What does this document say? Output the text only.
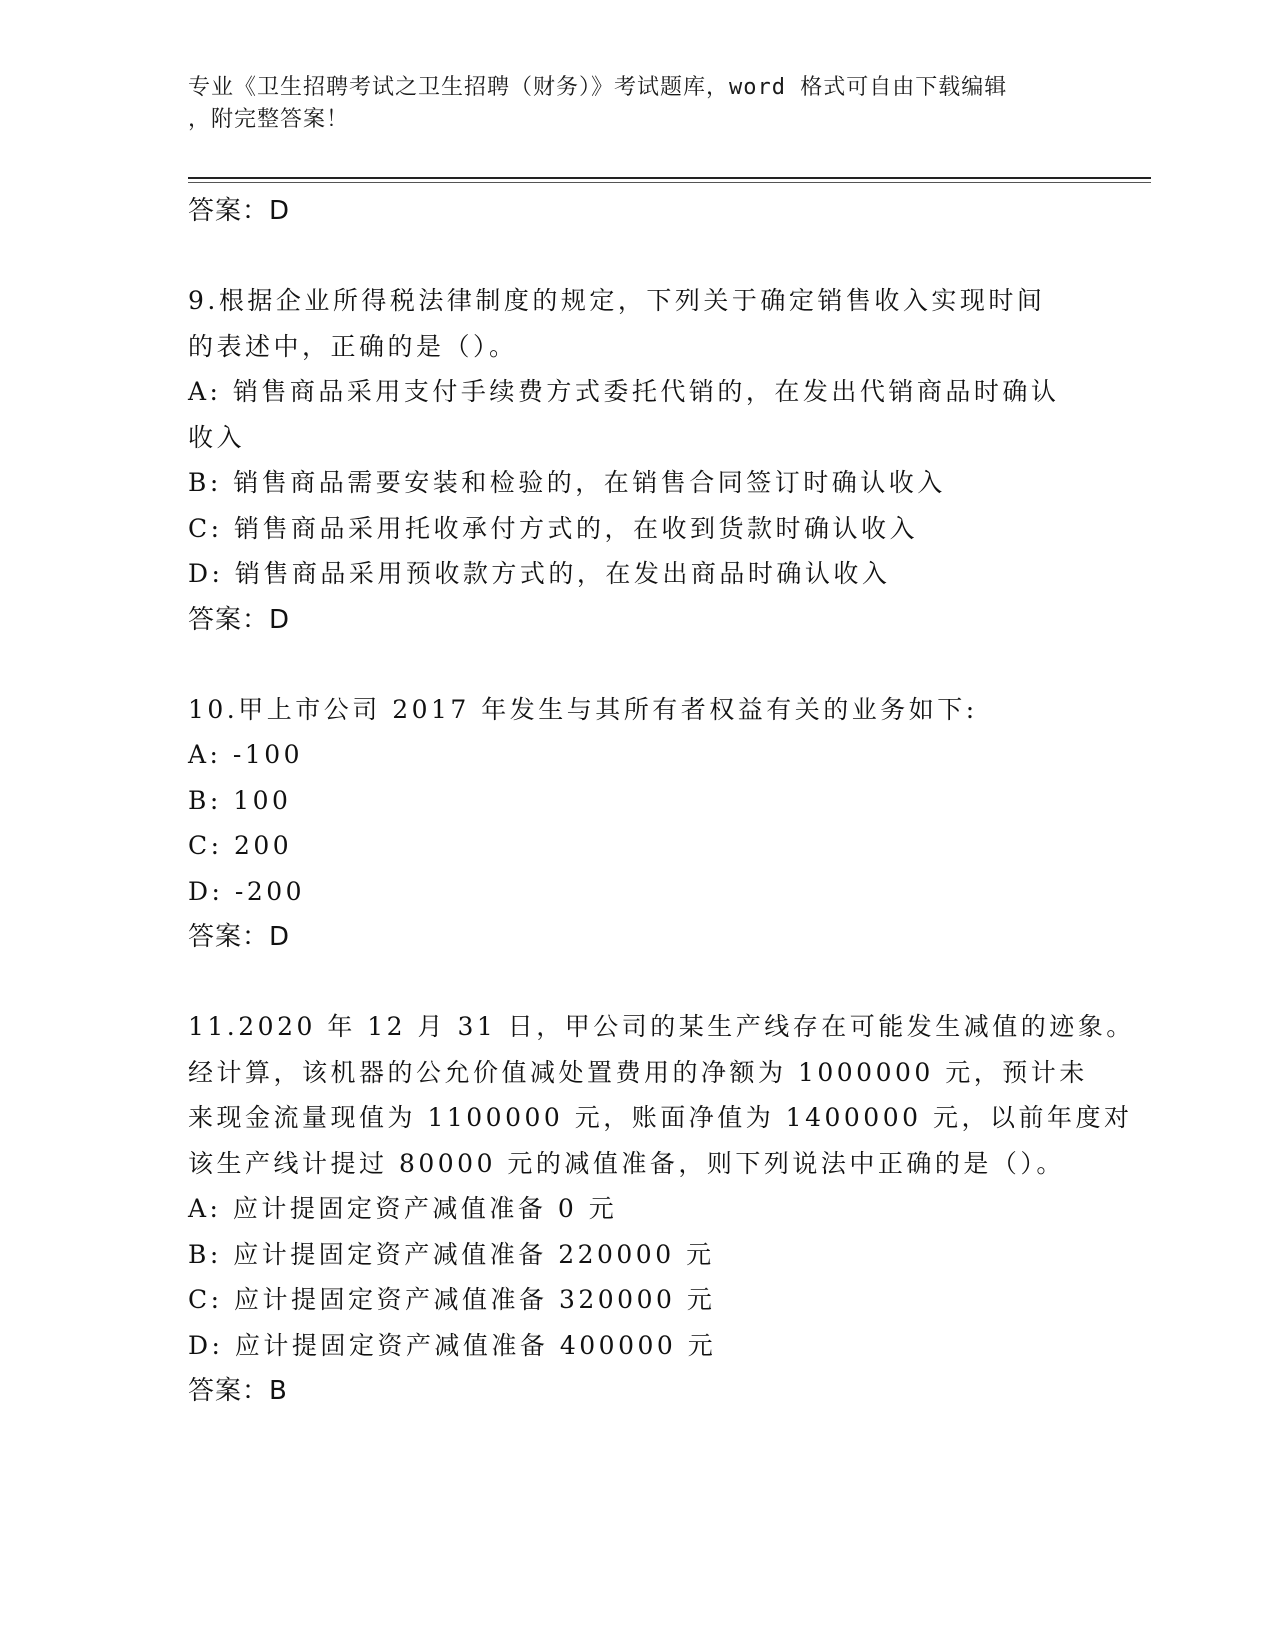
专业《卫生招聘考试之卫生招聘（财务）》考试题库，word 格式可自由下载编辑
，附完整答案！
答案：D
9.根据企业所得税法律制度的规定，下列关于确定销售收入实现时间
的表述中，正确的是（）。
A: 销售商品采用支付手续费方式委托代销的，在发出代销商品时确认
收入
B: 销售商品需要安装和检验的，在销售合同签订时确认收入
C: 销售商品采用托收承付方式的，在收到货款时确认收入
D: 销售商品采用预收款方式的，在发出商品时确认收入
答案：D
10.甲上市公司 2017 年发生与其所有者权益有关的业务如下:
A: -100
B: 100
C: 200
D: -200
答案：D
11.2020 年 12 月 31 日，甲公司的某生产线存在可能发生减值的迹象。
经计算，该机器的公允价值减处置费用的净额为 1000000 元，预计未
来现金流量现值为 1100000 元，账面净值为 1400000 元，以前年度对
该生产线计提过 80000 元的减值准备，则下列说法中正确的是（）。
A: 应计提固定资产减值准备 0 元
B: 应计提固定资产减值准备 220000 元
C: 应计提固定资产减值准备 320000 元
D: 应计提固定资产减值准备 400000 元
答案：B
